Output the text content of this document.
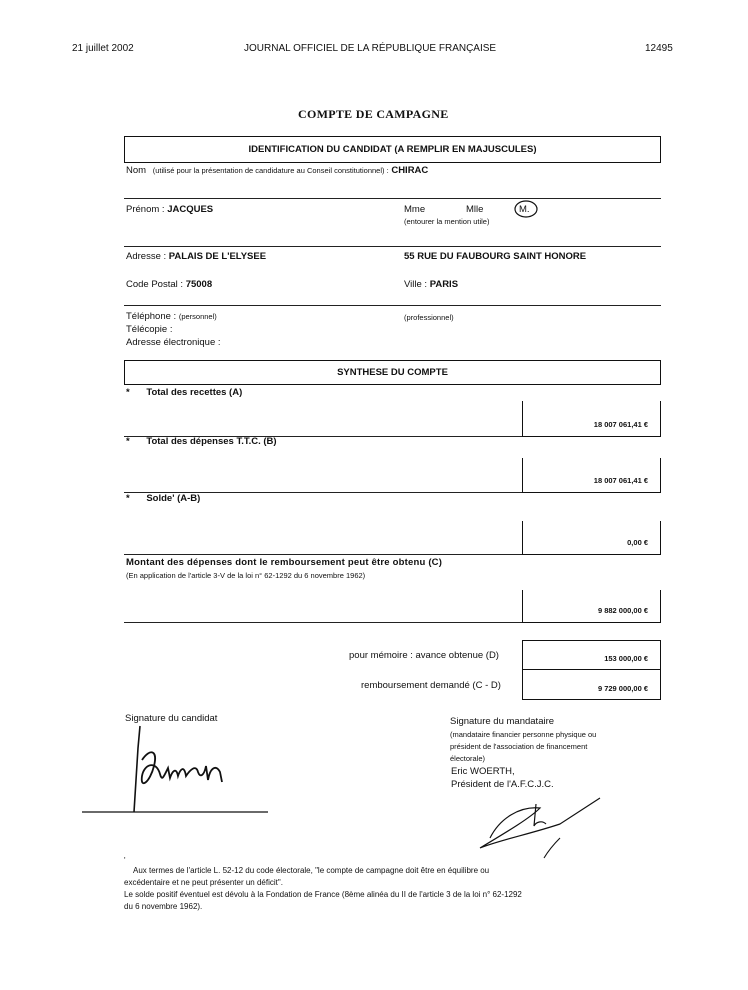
21 juillet 2002	JOURNAL OFFICIEL DE LA RÉPUBLIQUE FRANÇAISE	12495
COMPTE DE CAMPAGNE
IDENTIFICATION DU CANDIDAT (A REMPLIR EN MAJUSCULES)
Nom (utilisé pour la présentation de candidature au Conseil constitutionnel) : CHIRAC
Prénom : JACQUES	Mme	Mlle	M.
(entourer la mention utile)
Adresse : PALAIS DE L'ELYSEE	55 RUE DU FAUBOURG SAINT HONORE
Code Postal : 75008	Ville : PARIS
Téléphone : (personnel)	(professionnel)
Télécopie :
Adresse électronique :
SYNTHESE DU COMPTE
* Total des recettes (A)
18 007 061,41 €
* Total des dépenses T.T.C. (B)
18 007 061,41 €
* Solde' (A-B)
0,00 €
Montant des dépenses dont le remboursement peut être obtenu (C)
(En application de l'article 3-V de la loi n° 62-1292 du 6 novembre 1962)
9 882 000,00 €
pour mémoire : avance obtenue (D)	153 000,00 €
remboursement demandé (C - D)	9 729 000,00 €
Signature du candidat	Signature du mandataire
(mandataire financier personne physique ou
président de l'association de financement
électorale)
Eric WOERTH,
Président de l'A.F.C.J.C.
'
Aux termes de l'article L. 52-12 du code électorale, "le compte de campagne doit être en équilibre ou
excédentaire et ne peut présenter un déficit".
Le solde positif éventuel est dévolu à la Fondation de France (8ème alinéa du II de l'article 3 de la loi n° 62-1292
du 6 novembre 1962).
